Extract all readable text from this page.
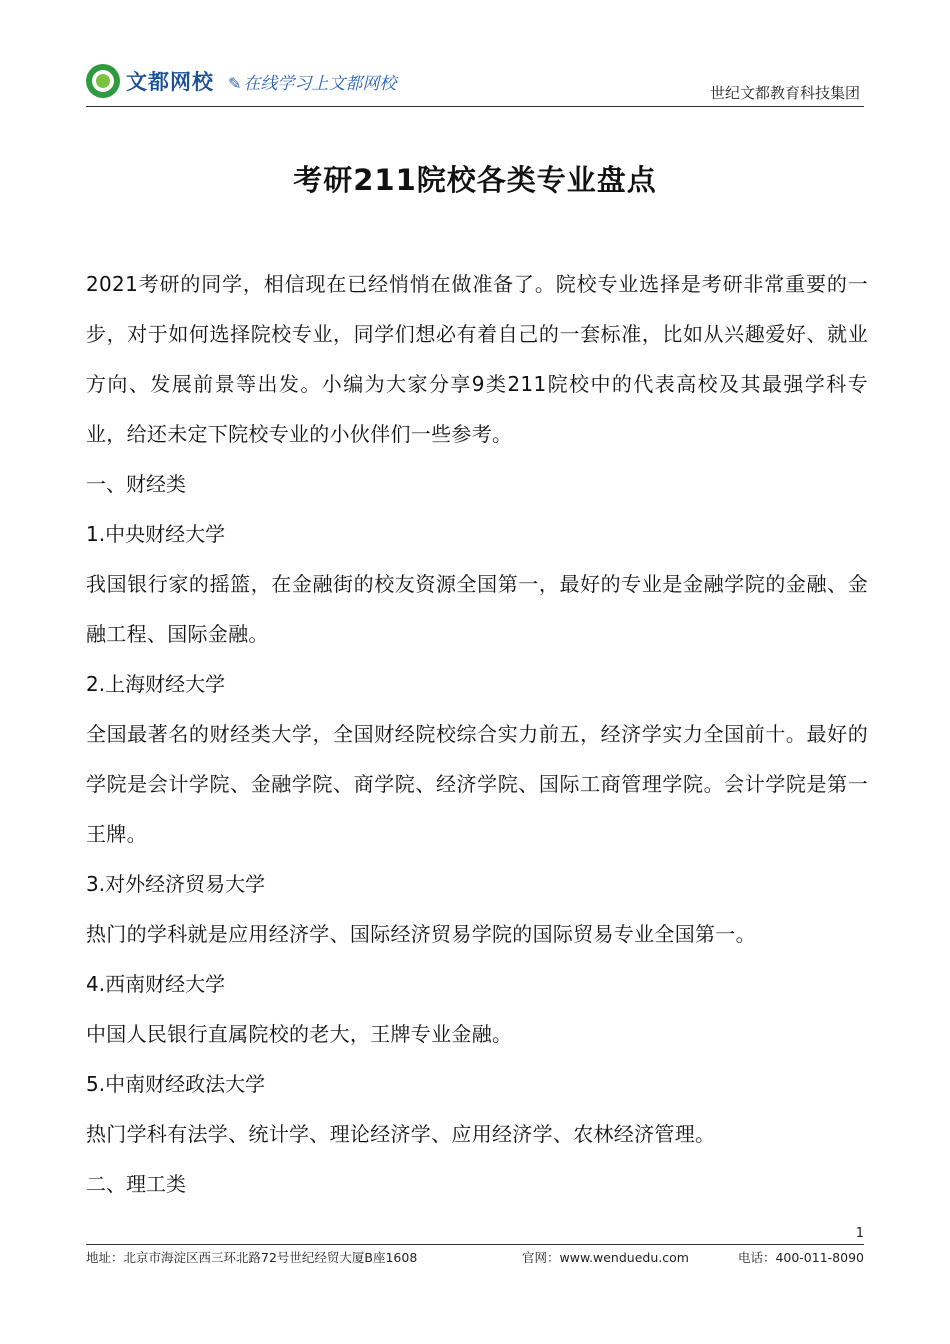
文都网校 ✎ 在线学习上文都网校	世纪文都教育科技集团
考研211院校各类专业盘点

2021考研的同学，相信现在已经悄悄在做准备了。院校专业选择是考研非常重要的一步，对于如何选择院校专业，同学们想必有着自己的一套标准，比如从兴趣爱好、就业方向、发展前景等出发。小编为大家分享9类211院校中的代表高校及其最强学科专业，给还未定下院校专业的小伙伴们一些参考。

一、财经类

1.中央财经大学

我国银行家的摇篮，在金融街的校友资源全国第一，最好的专业是金融学院的金融、金融工程、国际金融。

2.上海财经大学

全国最著名的财经类大学，全国财经院校综合实力前五，经济学实力全国前十。最好的学院是会计学院、金融学院、商学院、经济学院、国际工商管理学院。会计学院是第一王牌。

3.对外经济贸易大学

热门的学科就是应用经济学、国际经济贸易学院的国际贸易专业全国第一。

4.西南财经大学

中国人民银行直属院校的老大，王牌专业金融。

5.中南财经政法大学

热门学科有法学、统计学、理论经济学、应用经济学、农林经济管理。

二、理工类

1
地址：北京市海淀区西三环北路72号世纪经贸大厦B座1608	官网：www.wenduedu.com	电话：400-011-8090
